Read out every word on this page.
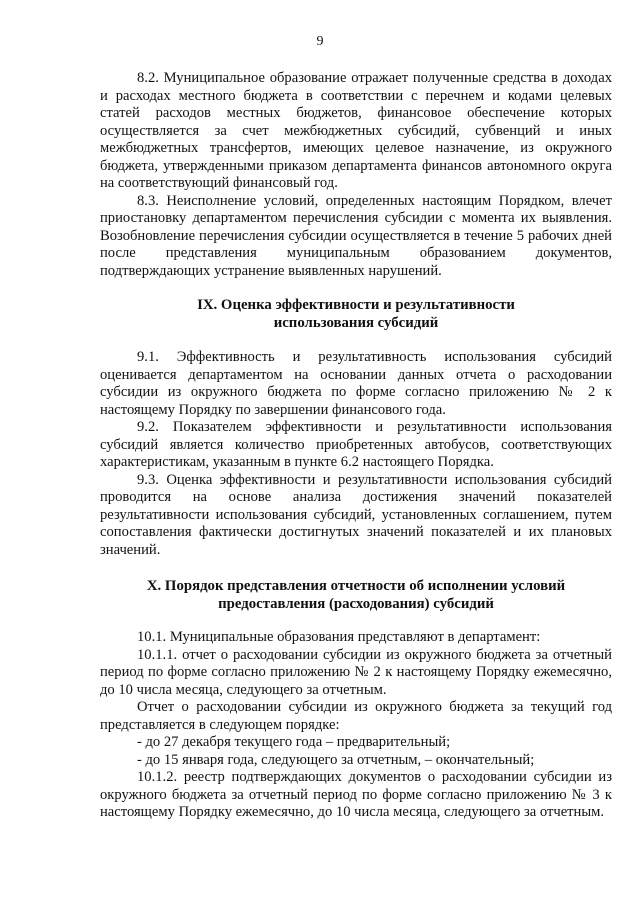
9

8.2. Муниципальное образование отражает полученные средства в доходах и расходах местного бюджета в соответствии с перечнем и кодами целевых статей расходов местных бюджетов, финансовое обеспечение которых осуществляется за счет межбюджетных субсидий, субвенций и иных межбюджетных трансфертов, имеющих целевое назначение, из окружного бюджета, утвержденными приказом департамента финансов автономного округа на соответствующий финансовый год.

8.3. Неисполнение условий, определенных настоящим Порядком, влечет приостановку департаментом перечисления субсидии с момента их выявления. Возобновление перечисления субсидии осуществляется в течение 5 рабочих дней после представления муниципальным образованием документов, подтверждающих устранение выявленных нарушений.

IX. Оценка эффективности и результативности
использования субсидий

9.1. Эффективность и результативность использования субсидий оценивается департаментом на основании данных отчета о расходовании субсидии из окружного бюджета по форме согласно приложению № 2 к настоящему Порядку по завершении финансового года.

9.2. Показателем эффективности и результативности использования субсидий является количество приобретенных автобусов, соответствующих характеристикам, указанным в пункте 6.2 настоящего Порядка.

9.3. Оценка эффективности и результативности использования субсидий проводится на основе анализа достижения значений показателей результативности использования субсидий, установленных соглашением, путем сопоставления фактически достигнутых значений показателей и их плановых значений.

X. Порядок представления отчетности об исполнении условий
предоставления (расходования) субсидий

10.1. Муниципальные образования представляют в департамент:

10.1.1. отчет о расходовании субсидии из окружного бюджета за отчетный период по форме согласно приложению № 2 к настоящему Порядку ежемесячно, до 10 числа месяца, следующего за отчетным.

Отчет о расходовании субсидии из окружного бюджета за текущий год представляется в следующем порядке:

- до 27 декабря текущего года – предварительный;

- до 15 января года, следующего за отчетным, – окончательный;

10.1.2. реестр подтверждающих документов о расходовании субсидии из окружного бюджета за отчетный период по форме согласно приложению № 3 к настоящему Порядку ежемесячно, до 10 числа месяца, следующего за отчетным.
